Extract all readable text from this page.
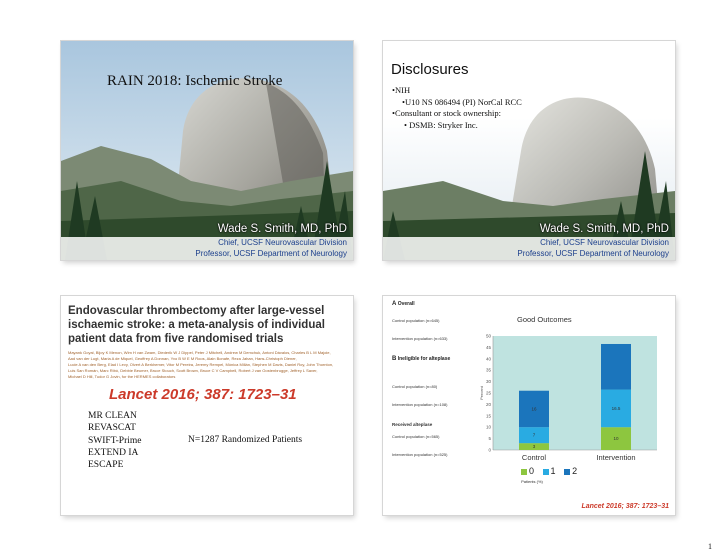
RAIN 2018: Ischemic Stroke
Wade S. Smith, MD, PhD
Chief, UCSF Neurovascular Division
Professor, UCSF Department of Neurology
Disclosures
•NIH
•U10 NS 086494 (PI) NorCal RCC
•Consultant or stock ownership:
• DSMB: Stryker Inc.
Wade S. Smith, MD, PhD
Chief, UCSF Neurovascular Division
Professor, UCSF Department of Neurology
Endovascular thrombectomy after large-vessel ischaemic stroke: a meta-analysis of individual patient data from five randomised trials
Mayank Goyal, Bijoy K Menon, Wim H van Zwam, Diederik W J Dippel, Peter J Mitchell, Andrew M Demchuk, Antoni Dávalos, Charles B L M Majoie,
Aad van der Lugt, Maria A de Miquel, Geoffrey A Donnan, Yvo B W E M Roos, Alain Bonafe, Reza Jahan, Hans-Christoph Diener,
Lucie A van den Berg, Elad I Levy, Olvert A Berkhemer, Vitor M Pereira, Jeremy Rempel, Mònica Millán, Stephen M Davis, Daniel Roy, John Thornton,
Luis San Román, Marc Ribó, Debbie Beumer, Bruce Stouch, Scott Brown, Bruce C V Campbell, Robert J van Oostenbrugge, Jeffrey L Saver,
Michael D Hill, Tudor G Jovin, for the HERMES collaborators
Lancet 2016; 387: 1723–31
MR CLEAN
REVASCAT
SWIFT-Prime
EXTEND IA
ESCAPE
N=1287 Randomized Patients
A Overall
Control population (n=645)
Intervention population (n=633)
B Ineligible for alteplase
Control population (n=80)
Intervention population (n=108)
Received alteplase
Control population (n=565)
Intervention population (n=525)
Good Outcomes
0
5
10
15
20
25
30
35
40
45
50
Percent
3
7
16
Control
10
16.5
Intervention
0 1 2
Patients (%)
Lancet 2016; 387: 1723–31
1
